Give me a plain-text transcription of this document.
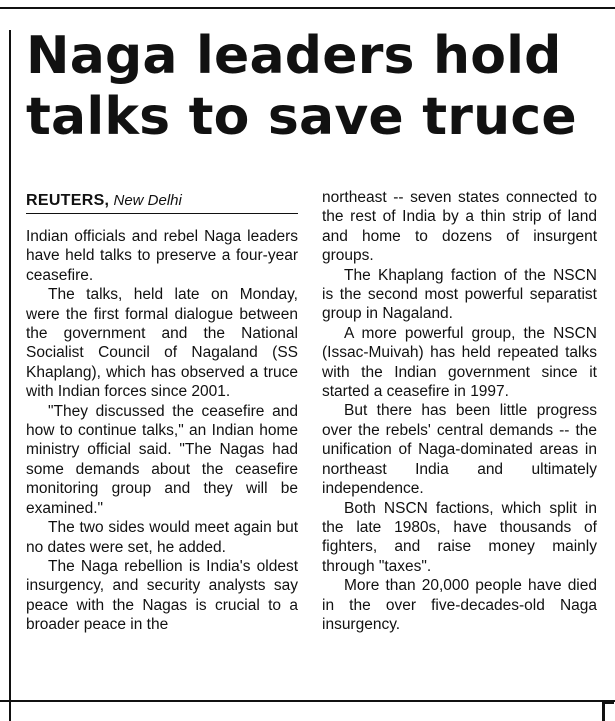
Naga leaders hold talks to save truce
REUTERS, New Delhi

Indian officials and rebel Naga leaders have held talks to preserve a four-year ceasefire.

The talks, held late on Monday, were the first formal dialogue between the government and the National Socialist Council of Nagaland (SS Khaplang), which has observed a truce with Indian forces since 2001.

"They discussed the ceasefire and how to continue talks," an Indian home ministry official said. "The Nagas had some demands about the ceasefire monitoring group and they will be examined."

The two sides would meet again but no dates were set, he added.

The Naga rebellion is India's oldest insurgency, and security analysts say peace with the Nagas is crucial to a broader peace in the

northeast -- seven states connected to the rest of India by a thin strip of land and home to dozens of insurgent groups.

The Khaplang faction of the NSCN is the second most powerful separatist group in Nagaland.

A more powerful group, the NSCN (Issac-Muivah) has held repeated talks with the Indian government since it started a ceasefire in 1997.

But there has been little progress over the rebels' central demands -- the unification of Naga-dominated areas in northeast India and ultimately independence.

Both NSCN factions, which split in the late 1980s, have thousands of fighters, and raise money mainly through "taxes".

More than 20,000 people have died in the over five-decades-old Naga insurgency.
